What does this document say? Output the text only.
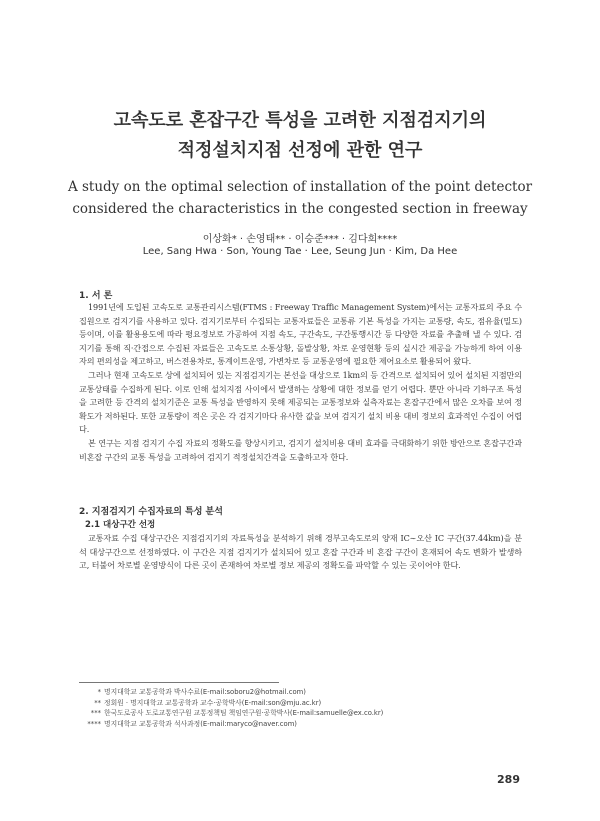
고속도로 혼잡구간 특성을 고려한 지점검지기의
적정설치지점 선정에 관한 연구
A study on the optimal selection of installation of the point detector
considered the characteristics in the congested section in freeway
이상화* · 손영태** · 이승준*** · 김다희****
Lee, Sang Hwa · Son, Young Tae · Lee, Seung Jun · Kim, Da Hee
1. 서 론

1991년에 도입된 고속도로 교통관리시스템(FTMS : Freeway Traffic Management System)에서는 교통자료의 주요 수집원으로 검지기를 사용하고 있다. 검지기로부터 수집되는 교통자료들은 교통류 기본 특성을 가지는 교통량, 속도, 점유율(밀도)등이며, 이를 활용용도에 따라 평요정보로 가공하여 지점 속도, 구간속도, 구간통행시간 등 다양한 자료를 추출해 낼 수 있다. 검지기를 통해 직·간접으로 수집된 자료들은 고속도로 소통상황, 돌발상황, 차로 운영현황 등의 실시간 제공을 가능하게 하여 이용자의 편의성을 제고하고, 버스전용차로, 통계이트운영, 가변차로 등 교통운영에 필요한 제어요소로 활용되어 왔다.

그러나 현재 고속도로 상에 설치되어 있는 지점검지기는 본선을 대상으로 1km의 등 간격으로 설치되어 있어 설치된 지점만의 교통상태를 수집하게 된다. 이로 인해 설치지점 사이에서 발생하는 상황에 대한 정보를 얻기 어렵다. 뿐만 아니라 기하구조 특성을 고려한 등 간격의 설치기준은 교통 특성을 반영하지 못해 제공되는 교통정보와 실측자료는 혼잡구간에서 많은 오차를 보여 정확도가 저하된다. 또한 교통량이 적은 곳은 각 검지기마다 유사한 값을 보여 검지기 설치 비용 대비 정보의 효과적인 수집이 어렵다.

본 연구는 지점 검지기 수집 자료의 정확도를 향상시키고, 검지기 설치비용 대비 효과를 극대화하기 위한 방안으로 혼잡구간과 비혼잡 구간의 교통 특성을 고려하여 검지기 적정설치간격을 도출하고자 한다.

2. 지점검지기 수집자료의 특성 분석
2.1 대상구간 선정

교통자료 수집 대상구간은 지점검지기의 자료특성을 분석하기 위해 경부고속도로의 양재 IC∼오산 IC 구간(37.44km)을 분석 대상구간으로 선정하였다. 이 구간은 지점 검지기가 설치되어 있고 혼잡 구간과 비 혼잡 구간이 혼재되어 속도 변화가 발생하고, 터불어 차로별 운영방식이 다른 곳이 존재하여 차로별 정보 제공의 정확도를 파악할 수 있는 곳이어야 한다.

* 명지대학교 교통공학과 박사수료(E-mail:soboru2@hotmail.com)
** 정회원 · 명지대학교 교통공학과 교수·공학박사(E-mail:son@mju.ac.kr)
*** 한국도로공사 도로교통연구원 교통정책팀 책임연구원·공학박사(E-mail:samuelle@ex.co.kr)
**** 명지대학교 교통공학과 석사과정(E-mail:maryco@naver.com)
289
